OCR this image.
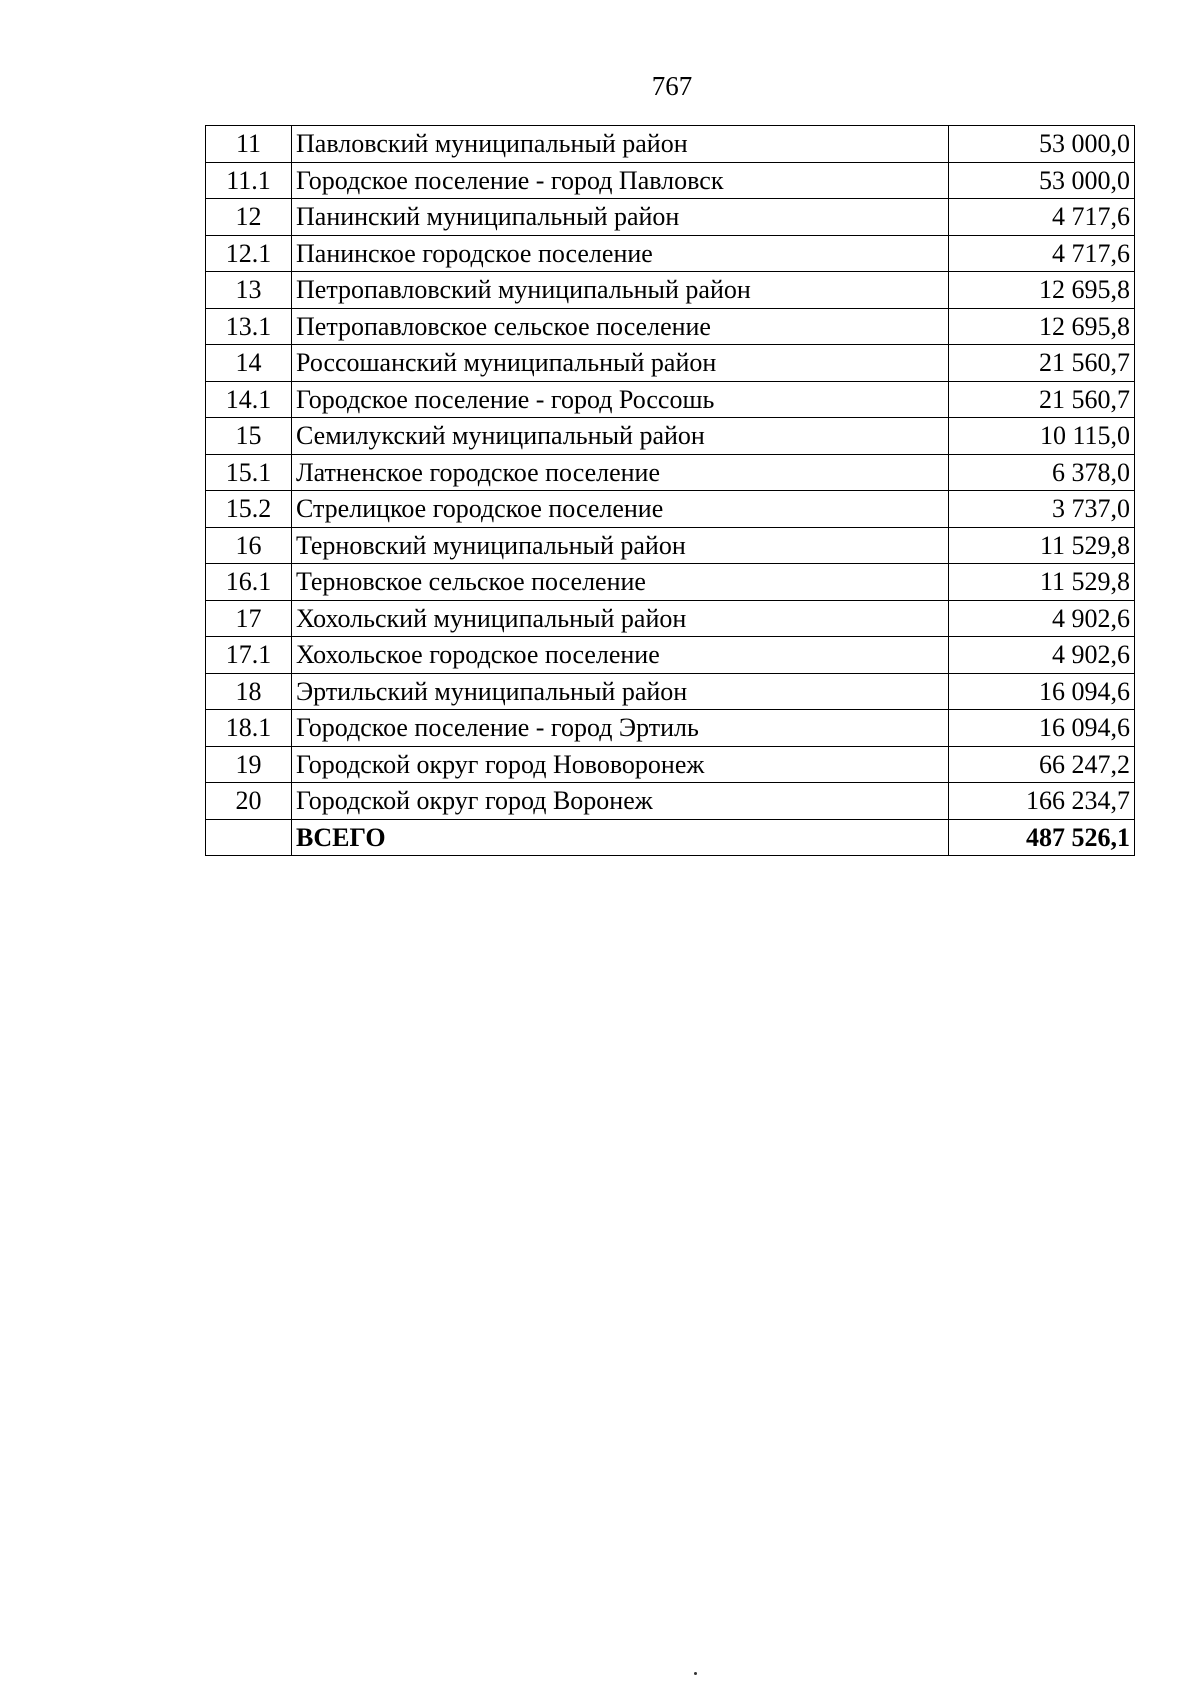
767
11	Павловский муниципальный район	53 000,0
11.1	Городское поселение - город Павловск	53 000,0
12	Панинский муниципальный район	4 717,6
12.1	Панинское городское поселение	4 717,6
13	Петропавловский муниципальный район	12 695,8
13.1	Петропавловское сельское поселение	12 695,8
14	Россошанский муниципальный район	21 560,7
14.1	Городское поселение - город Россошь	21 560,7
15	Семилукский муниципальный район	10 115,0
15.1	Латненское городское поселение	6 378,0
15.2	Стрелицкое городское поселение	3 737,0
16	Терновский муниципальный район	11 529,8
16.1	Терновское сельское поселение	11 529,8
17	Хохольский муниципальный район	4 902,6
17.1	Хохольское городское поселение	4 902,6
18	Эртильский муниципальный район	16 094,6
18.1	Городское поселение - город Эртиль	16 094,6
19	Городской округ город Нововоронеж	66 247,2
20	Городской округ город Воронеж	166 234,7
	ВСЕГО	487 526,1
